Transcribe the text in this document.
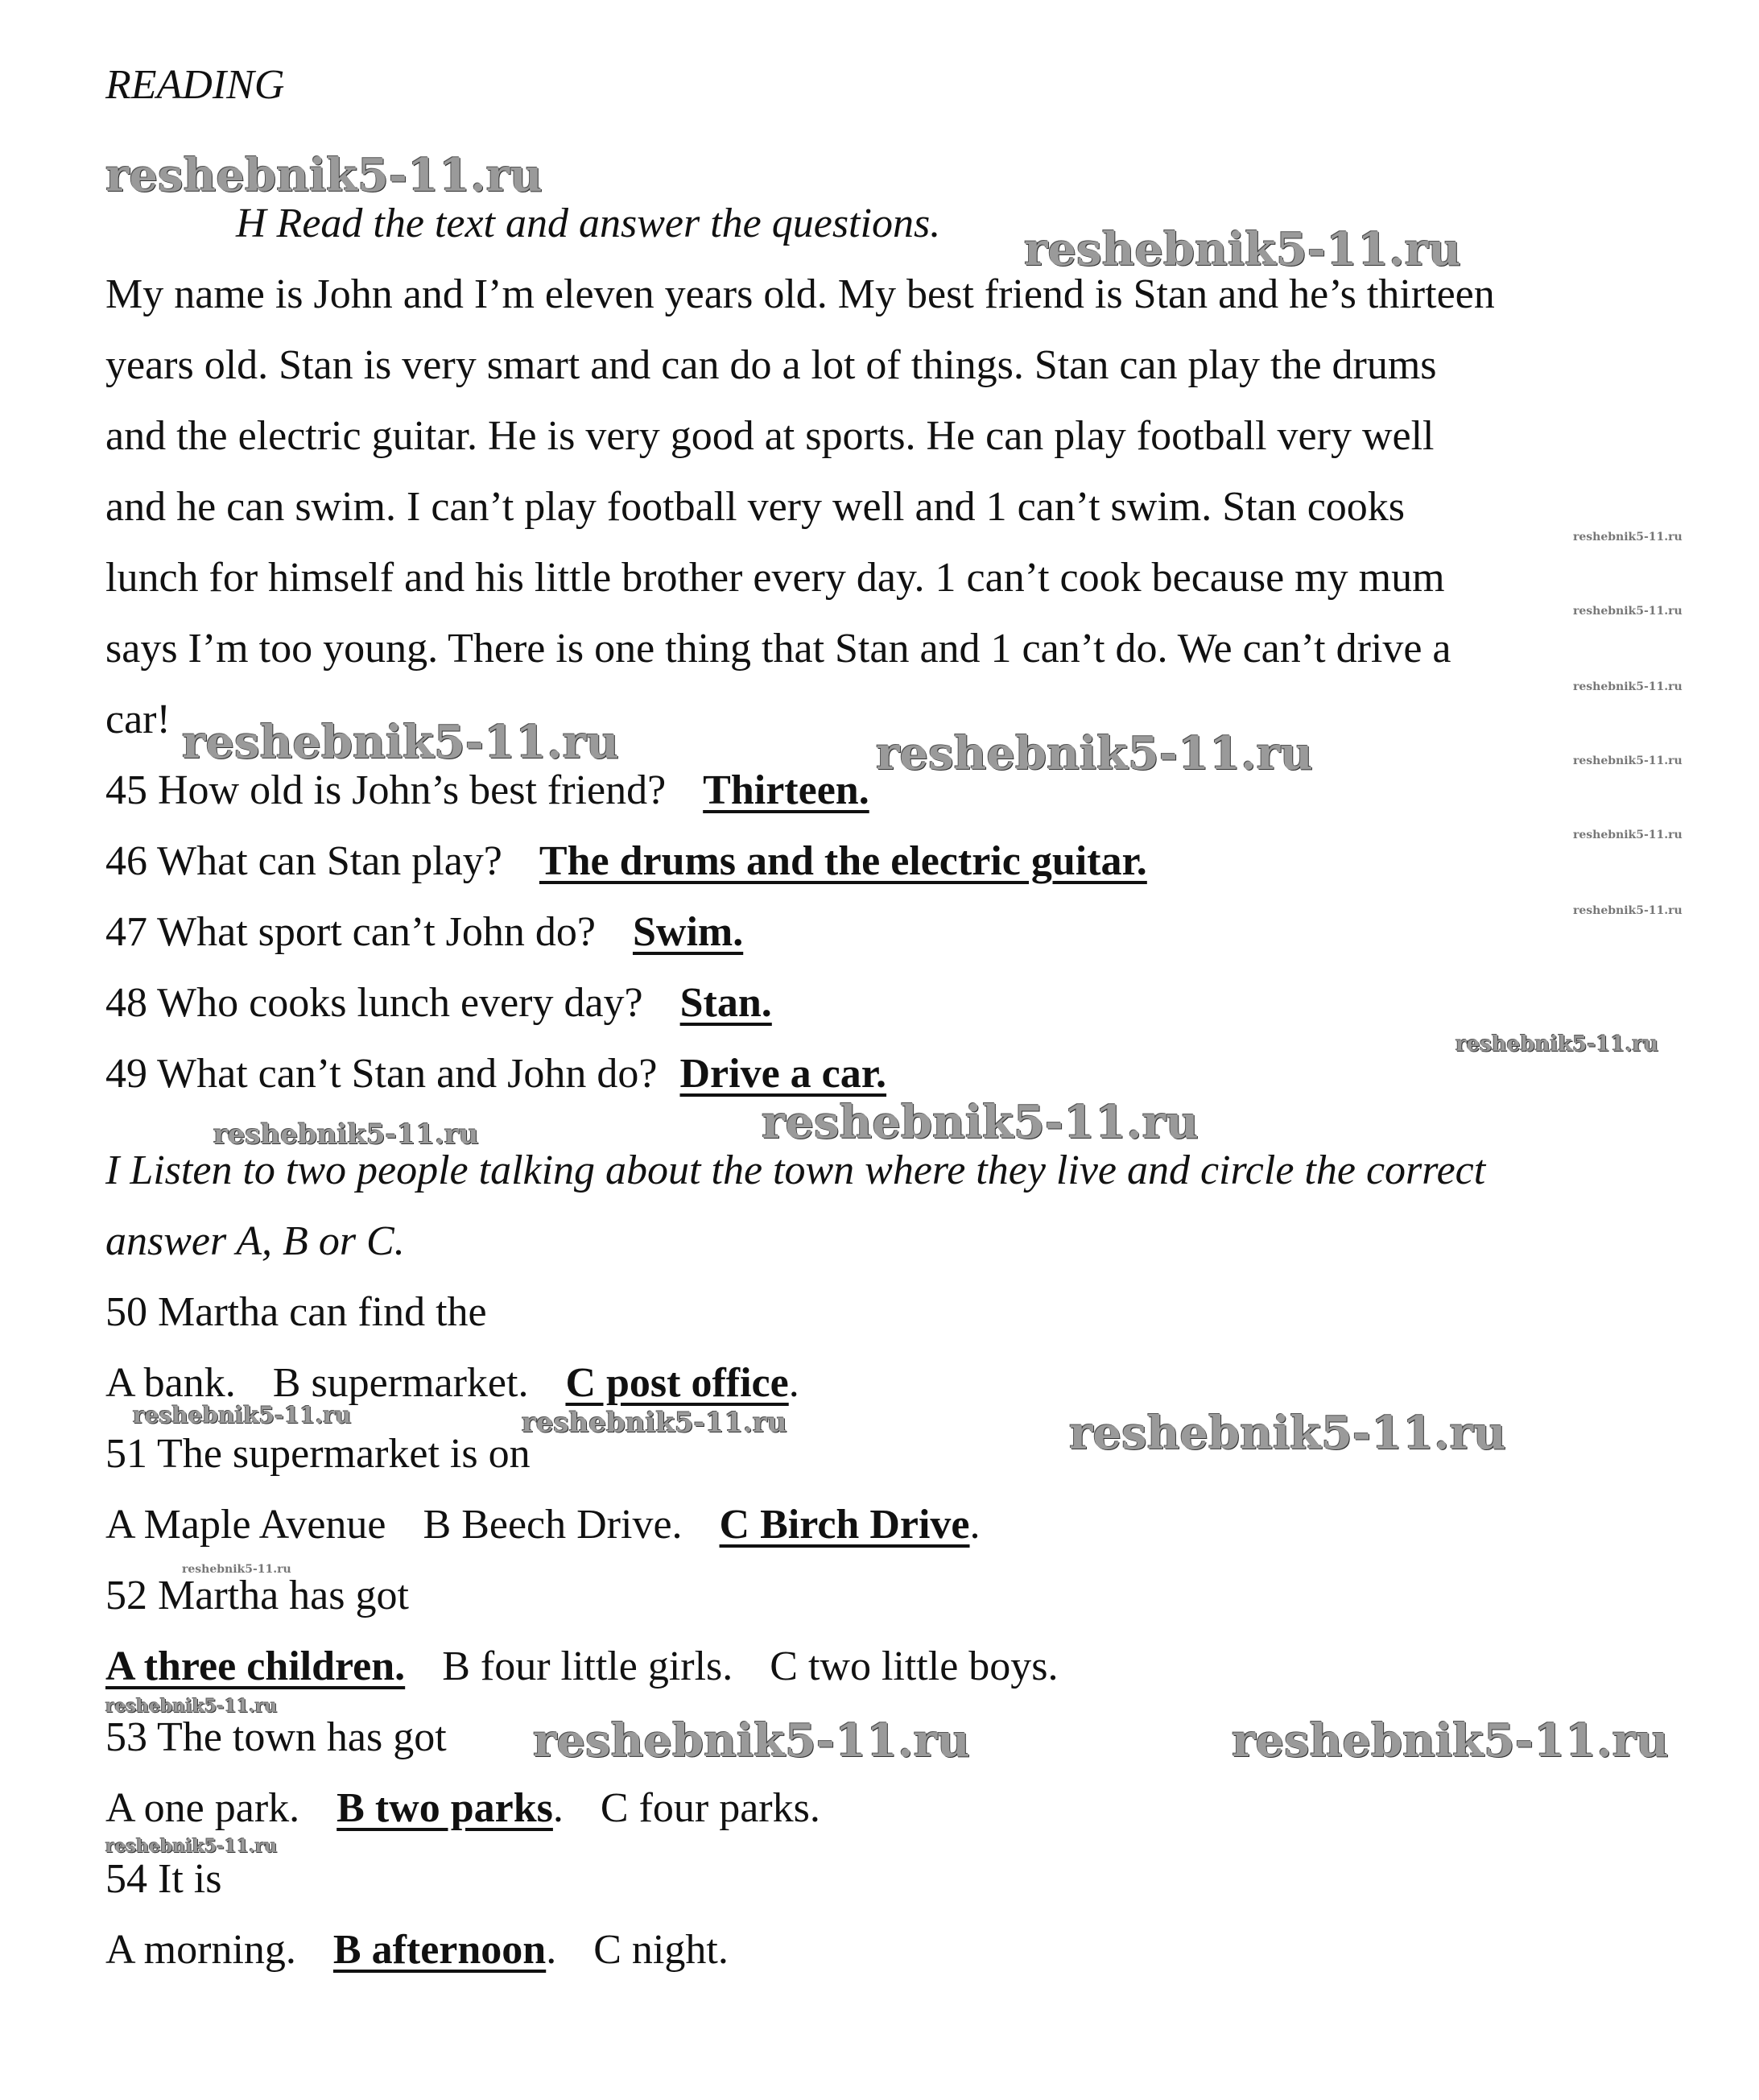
READING
H Read the text and answer the questions.
My name is John and I’m eleven years old. My best friend is Stan and he’s thirteen
years old. Stan is very smart and can do a lot of things. Stan can play the drums
and the electric guitar. He is very good at sports. He can play football very well
and he can swim. I can’t play football very well and 1 can’t swim. Stan cooks
lunch for himself and his little brother every day. 1 can’t cook because my mum
says I’m too young. There is one thing that Stan and 1 can’t do. We can’t drive a
car!
45 How old is John’s best friend? Thirteen.
46 What can Stan play? The drums and the electric guitar.
47 What sport can’t John do? Swim.
48 Who cooks lunch every day? Stan.
49 What can’t Stan and John do? Drive a car.
I Listen to two people talking about the town where they live and circle the correct
answer A, B or C.
50 Martha can find the
A bank. B supermarket. C post office.
51 The supermarket is on
A Maple Avenue B Beech Drive. C Birch Drive.
52 Martha has got
A three children. B four little girls. C two little boys.
53 The town has got
A one park. B two parks. C four parks.
54 It is
A morning. B afternoon. C night.
reshebnik5-11.ru
reshebnik5-11.ru
reshebnik5-11.ru	reshebnik5-11.ru
reshebnik5-11.ru
reshebnik5-11.ru
reshebnik5-11.ru
reshebnik5-11.ru
reshebnik5-11.ru	reshebnik5-11.ru
reshebnik5-11.ru	reshebnik5-11.ru
reshebnik5-11.ru
reshebnik5-11.ru
reshebnik5-11.ru
reshebnik5-11.ru
reshebnik5-11.ru
reshebnik5-11.ru
reshebnik5-11.ru
reshebnik5-11.ru
reshebnik5-11.ru
